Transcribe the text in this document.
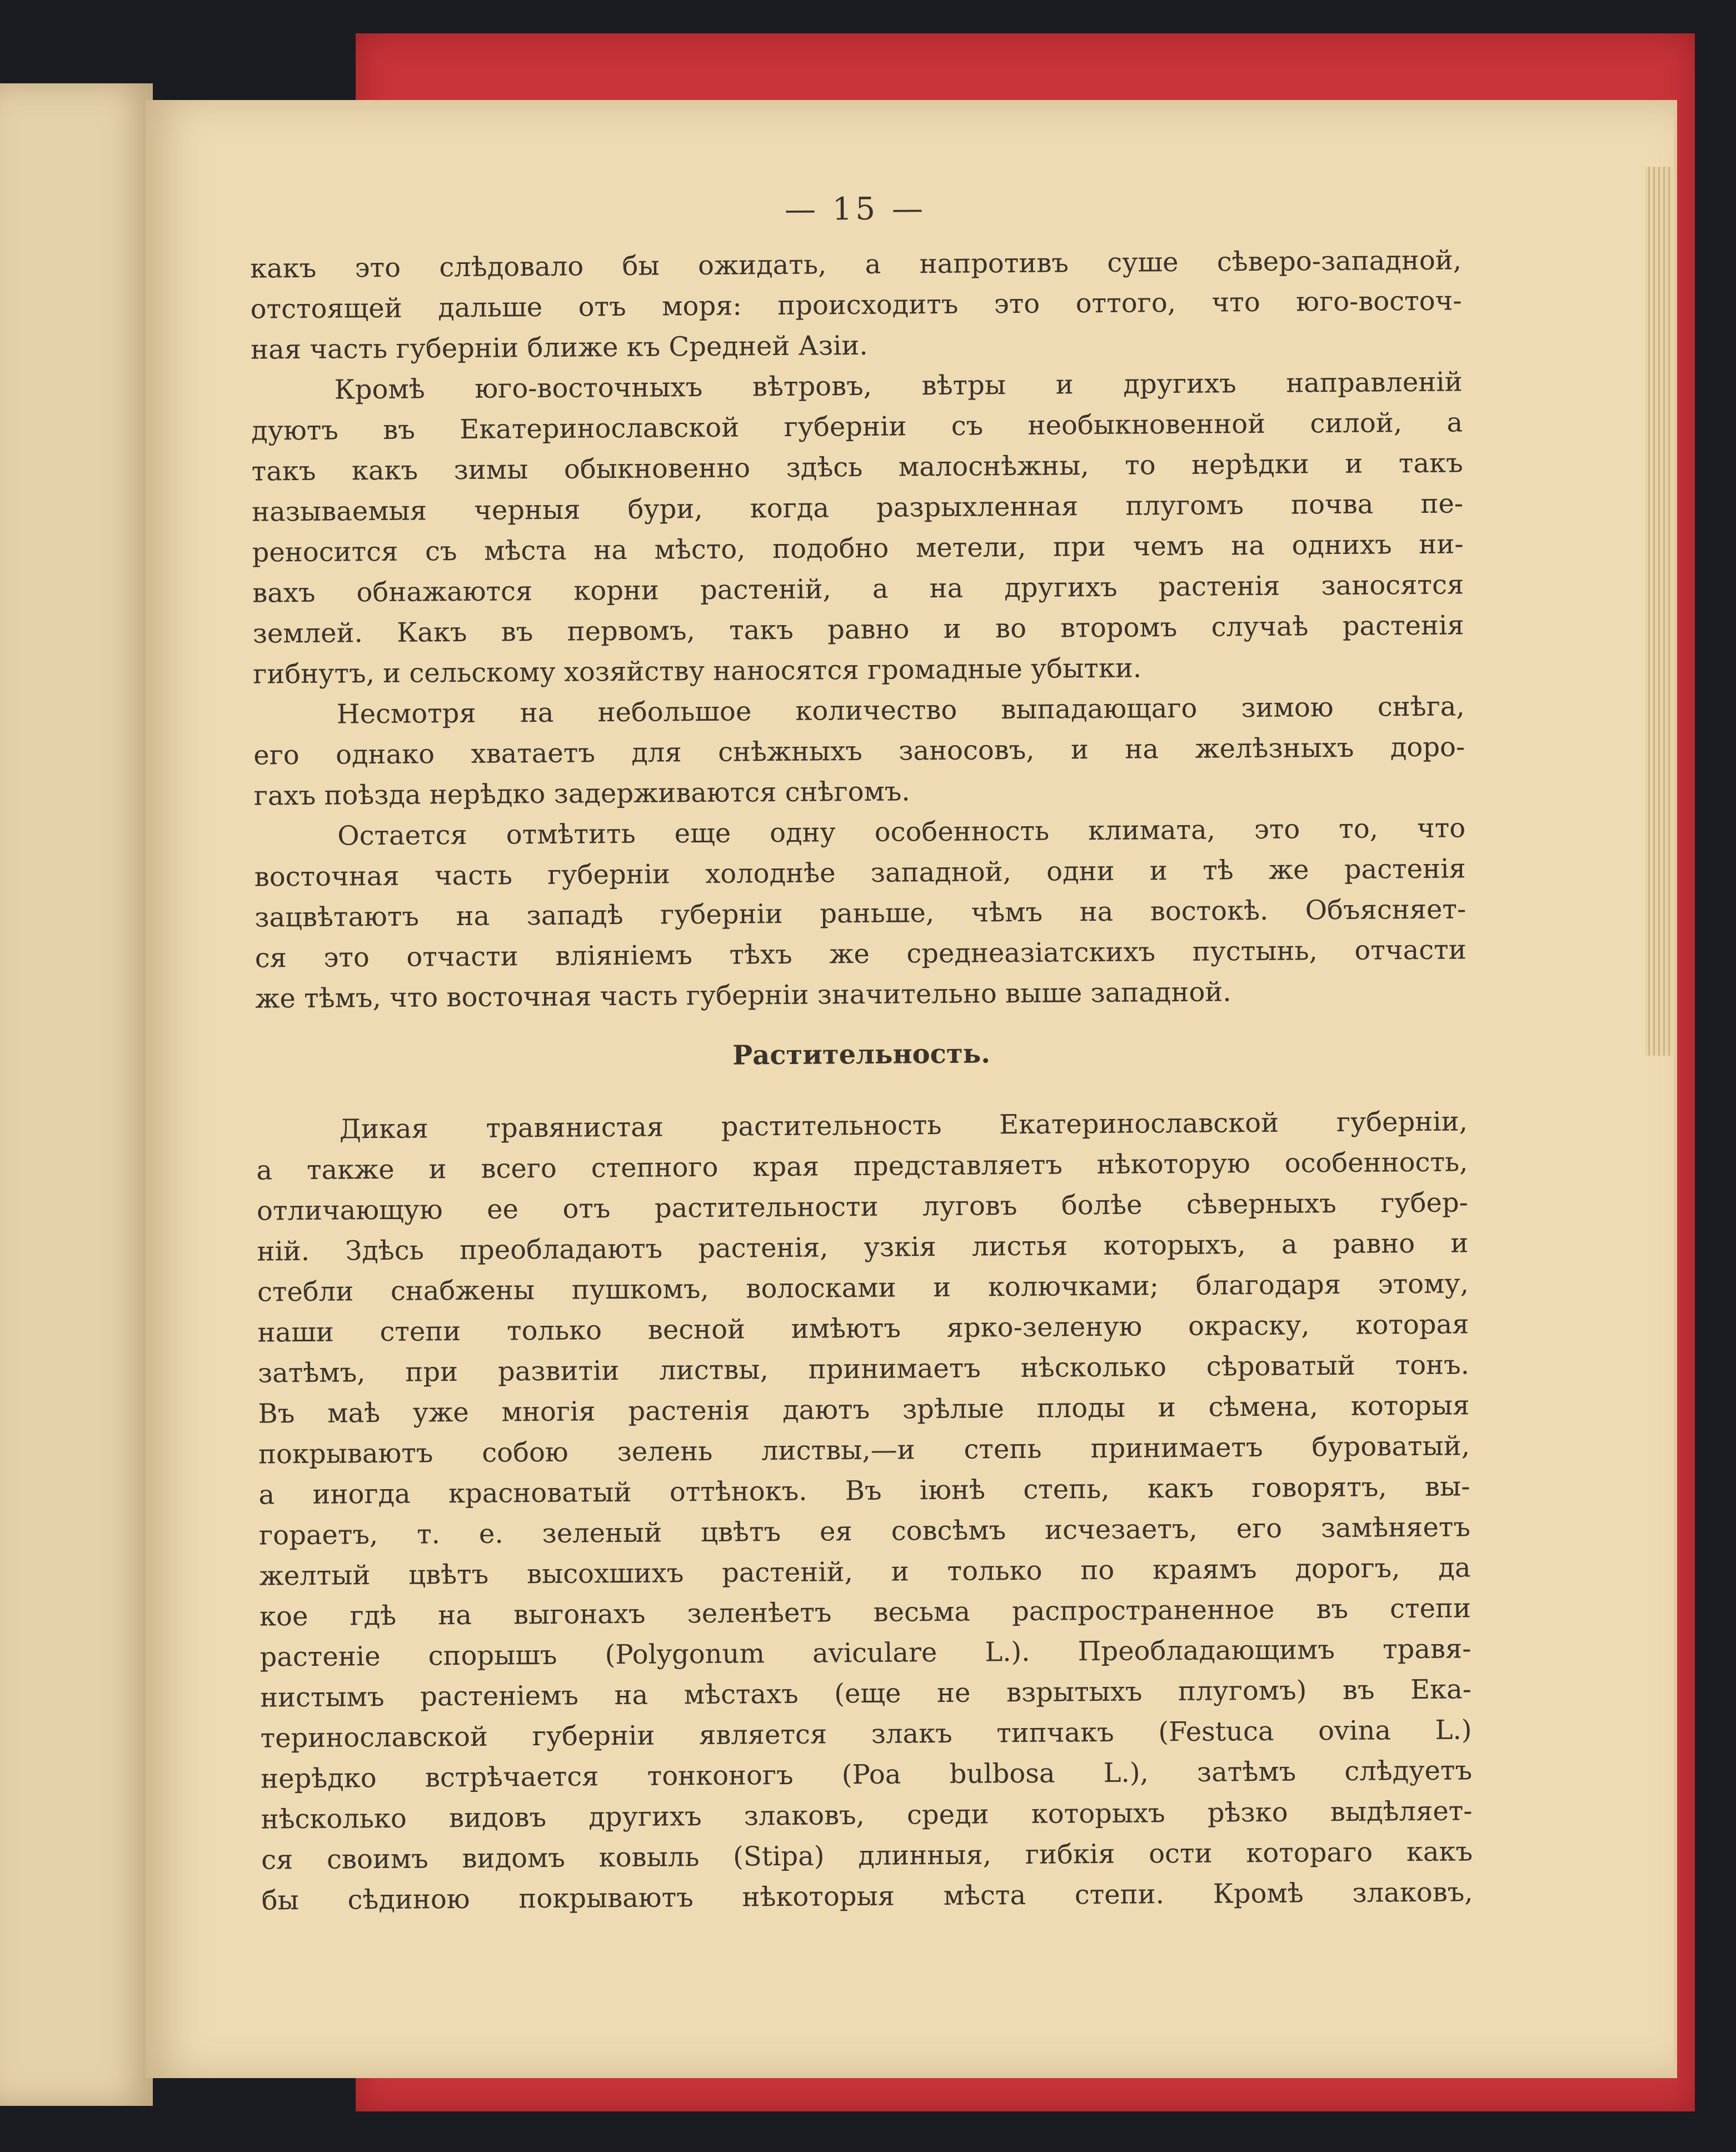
— 15 —
какъ это слѣдовало бы ожидать, а напротивъ суше сѣверо-западной,
отстоящей дальше отъ моря: происходитъ это оттого, что юго-восточ-
ная часть губерніи ближе къ Средней Азіи.
Кромѣ юго-восточныхъ вѣтровъ, вѣтры и другихъ направленій
дуютъ въ Екатеринославской губерніи съ необыкновенной силой, а
такъ какъ зимы обыкновенно здѣсь малоснѣжны, то нерѣдки и такъ
называемыя черныя бури, когда разрыхленная плугомъ почва пе-
реносится съ мѣста на мѣсто, подобно метели, при чемъ на однихъ ни-
вахъ обнажаются корни растеній, а на другихъ растенія заносятся
землей. Какъ въ первомъ, такъ равно и во второмъ случаѣ растенія
гибнутъ, и сельскому хозяйству наносятся громадные убытки.
Несмотря на небольшое количество выпадающаго зимою снѣга,
его однако хватаетъ для снѣжныхъ заносовъ, и на желѣзныхъ доро-
гахъ поѣзда нерѣдко задерживаются снѣгомъ.
Остается отмѣтить еще одну особенность климата, это то, что
восточная часть губерніи холоднѣе западной, одни и тѣ же растенія
зацвѣтаютъ на западѣ губерніи раньше, чѣмъ на востокѣ. Объясняет-
ся это отчасти вліяніемъ тѣхъ же среднеазіатскихъ пустынь, отчасти
же тѣмъ, что восточная часть губерніи значительно выше западной.
Растительность.
Дикая травянистая растительность Екатеринославской губерніи,
а также и всего степного края представляетъ нѣкоторую особенность,
отличающую ее отъ растительности луговъ болѣе сѣверныхъ губер-
ній. Здѣсь преобладаютъ растенія, узкія листья которыхъ, а равно и
стебли снабжены пушкомъ, волосками и колючками; благодаря этому,
наши степи только весной имѣютъ ярко-зеленую окраску, которая
затѣмъ, при развитіи листвы, принимаетъ нѣсколько сѣроватый тонъ.
Въ маѣ уже многія растенія даютъ зрѣлые плоды и сѣмена, которыя
покрываютъ собою зелень листвы,—и степь принимаетъ буроватый,
а иногда красноватый оттѣнокъ. Въ іюнѣ степь, какъ говорятъ, вы-
гораетъ, т. е. зеленый цвѣтъ ея совсѣмъ исчезаетъ, его замѣняетъ
желтый цвѣтъ высохшихъ растеній, и только по краямъ дорогъ, да
кое гдѣ на выгонахъ зеленѣетъ весьма распространенное въ степи
растеніе спорышъ (Polygonum aviculare L.). Преобладающимъ травя-
нистымъ растеніемъ на мѣстахъ (еще не взрытыхъ плугомъ) въ Ека-
теринославской губерніи является злакъ типчакъ (Festuca ovina L.)
нерѣдко встрѣчается тонконогъ (Poa bulbosa L.), затѣмъ слѣдуетъ
нѣсколько видовъ другихъ злаковъ, среди которыхъ рѣзко выдѣляет-
ся своимъ видомъ ковыль (Stipa) длинныя, гибкія ости котораго какъ
бы сѣдиною покрываютъ нѣкоторыя мѣста степи. Кромѣ злаковъ,
